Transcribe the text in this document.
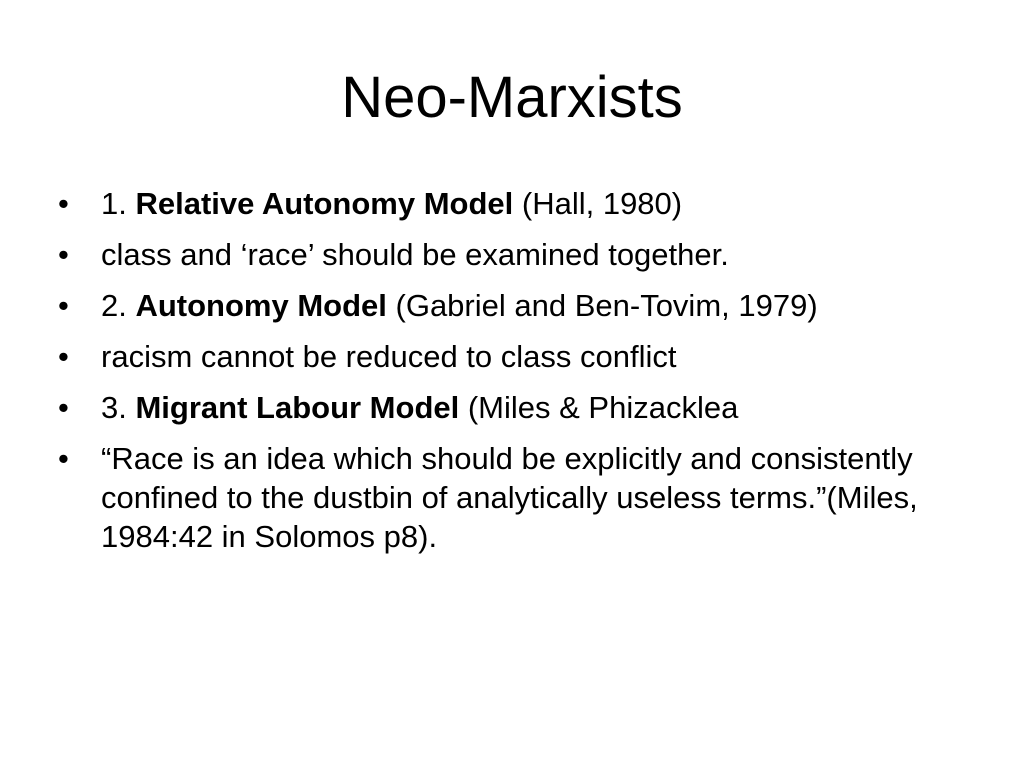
Neo-Marxists
•	1. Relative Autonomy Model (Hall, 1980)
•	class and ‘race’ should be examined together.
•	2. Autonomy Model (Gabriel and Ben-Tovim, 1979)
•	racism cannot be reduced to class conflict
•	3. Migrant Labour Model (Miles & Phizacklea
•	“Race is an idea which should be explicitly and consistently confined to the dustbin of analytically useless terms.”(Miles, 1984:42 in Solomos p8).
